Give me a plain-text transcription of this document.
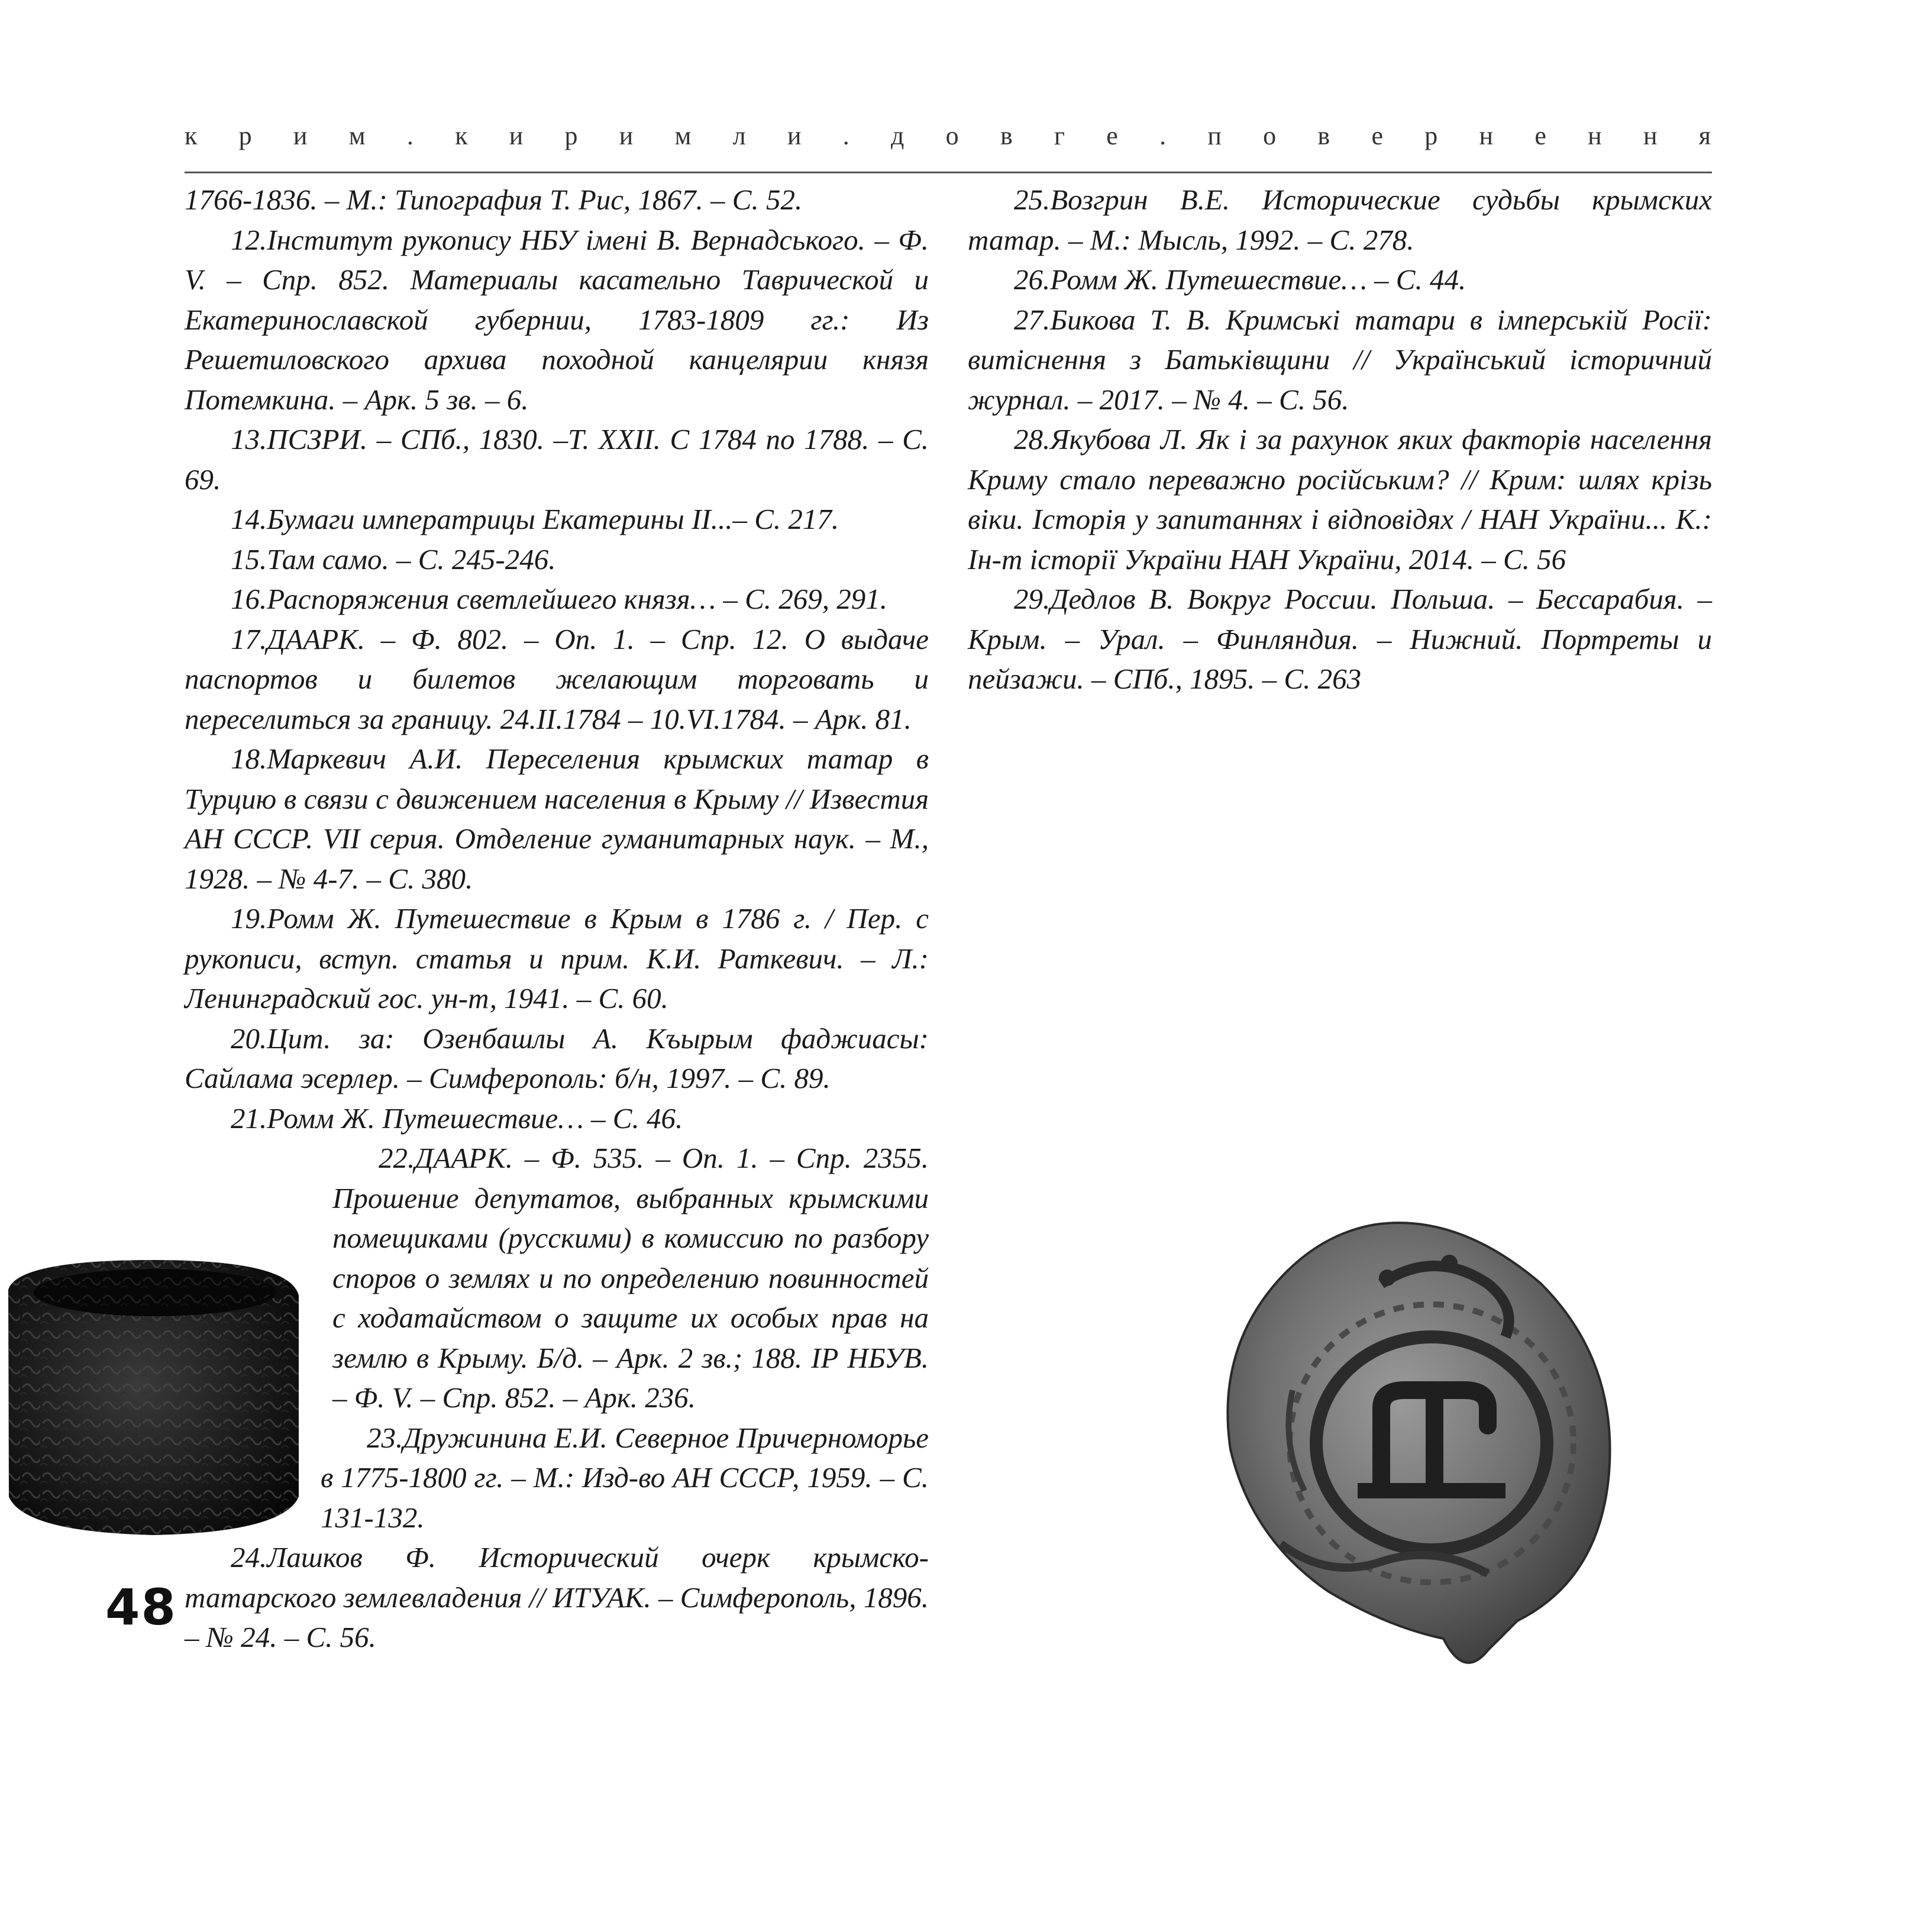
к р и м . к и р и м л и . д о в г е . п о в е р н е н н я

1766-1836. – М.: Типография Т. Рис, 1867. – С. 52.

12.Інститут рукопису НБУ імені В. Вернадського. – Ф. V. – Спр. 852. Материалы касательно Таврической и Екатеринославской губернии, 1783-1809 гг.: Из Решетиловского архива походной канцелярии князя Потемкина. – Арк. 5 зв. – 6.

13.ПСЗРИ. – СПб., 1830. –Т. XXII. С 1784 по 1788. – С. 69.

14.Бумаги императрицы Екатерины II...– С. 217.

15.Там само. – С. 245-246.

16.Распоряжения светлейшего князя… – С. 269, 291.

17.ДААРК. – Ф. 802. – Оп. 1. – Спр. 12. О выдаче паспортов и билетов желающим торговать и переселиться за границу. 24.II.1784 – 10.VI.1784. – Арк. 81.

18.Маркевич А.И. Переселения крымских татар в Турцию в связи с движением населения в Крыму // Известия АН СССР. VII серия. Отделение гуманитарных наук. – М., 1928. – № 4-7. – С. 380.

19.Ромм Ж. Путешествие в Крым в 1786 г. / Пер. с рукописи, вступ. статья и прим. К.И. Раткевич. – Л.: Ленинградский гос. ун-т, 1941. – С. 60.

20.Цит. за: Озенбашлы А. Къырым фаджиасы: Сайлама эсерлер. – Симферополь: б/н, 1997. – С. 89.

21.Ромм Ж. Путешествие… – С. 46.

22.ДААРК. – Ф. 535. – Оп. 1. – Спр. 2355. Прошение депутатов, выбранных крымскими помещиками (русскими) в комиссию по разбору споров о землях и по определению повинностей с ходатайством о защите их особых прав на землю в Крыму. Б/д. – Арк. 2 зв.; 188. ІР НБУВ. – Ф. V. – Спр. 852. – Арк. 236.

23.Дружинина Е.И. Северное Причерноморье в 1775-1800 гг. – М.: Изд-во АН СССР, 1959. – С. 131-132.

24.Лашков Ф. Исторический очерк крымско-татарского землевладения // ИТУАК. – Симферополь, 1896. – № 24. – С. 56.

25.Возгрин В.Е. Исторические судьбы крымских татар. – М.: Мысль, 1992. – С. 278.

26.Ромм Ж. Путешествие… – С. 44.

27.Бикова Т. В. Кримські татари в імперській Росії: витіснення з Батьківщини // Український історичний журнал. – 2017. – № 4. – С. 56.

28.Якубова Л. Як і за рахунок яких факторів населення Криму стало переважно російським? // Крим: шлях крізь віки. Історія у запитаннях і відповідях / НАН України... К.: Ін-т історії України НАН України, 2014. – С. 56

29.Дедлов В. Вокруг России. Польша. – Бессарабия. – Крым. – Урал. – Финляндия. – Нижний. Портреты и пейзажи. – СПб., 1895. – С. 263

48
